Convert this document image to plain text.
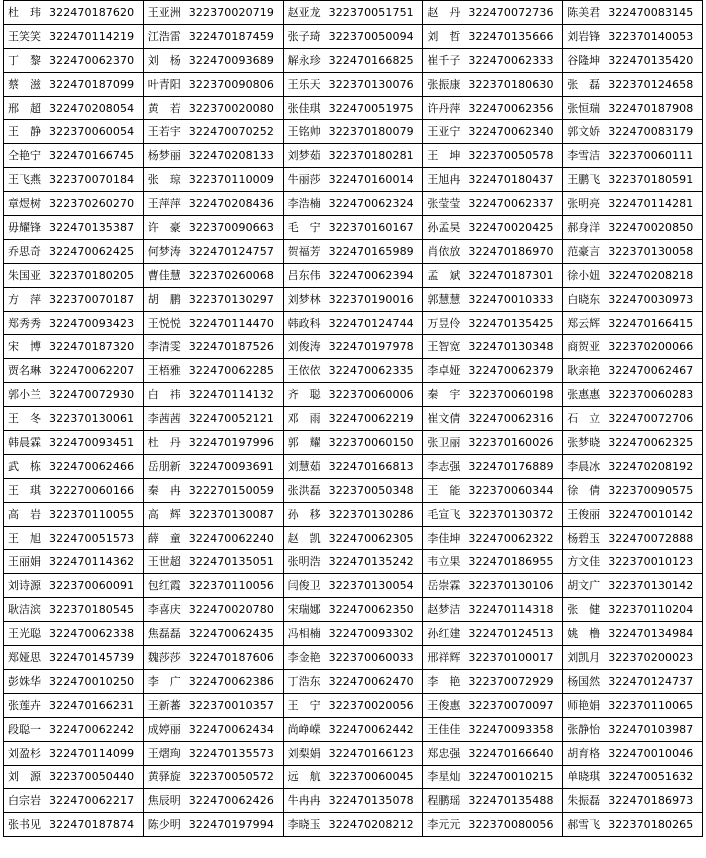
杜　玮 322470187620	王亚洲 322370020719	赵亚龙 322370051751	赵　丹 322470072736	陈美君 322470083145
王笑笑 322470114219	江浩雷 322470187459	张子琦 322370050094	刘　哲 322470135666	刘岩锋 322370140053
丁　黎 322470062370	刘　杨 322470093689	解永珍 322470166825	崔千子 322470062333	谷隆坤 322470135420
蔡　滋 322470187099	叶青阳 322370090806	王乐天 322370130076	张振康 322370180630	张　磊 322370124658
邢　超 322470208054	黄　若 322370020080	张佳琪 322470051975	许丹萍 322470062356	张恒瑞 322470187908
王　静 322370060054	王若宇 322470070252	王铭帅 322370180079	王亚宁 322470062340	郭文娇 322470083179
仝艳宁 322470166745	杨梦丽 322470208133	刘梦茹 322370180281	王　坤 322370050578	李雪洁 322370060111
王飞燕 322370070184	张　琼 322370110009	牛丽莎 322470160014	王旭冉 322470180437	王鹏飞 322370180591
章煜树 322370260270	王萍萍 322470208436	李浩楠 322470062324	张莹莹 322470062337	张明亮 322470114281
毋耀锋 322470135387	许　豪 322370090663	毛　宁 322370160167	孙孟昊 322470020425	郝身洋 322470020850
乔思奇 322470062425	何梦涛 322470124757	贺福芳 322470165989	肖依放 322470186970	范豪言 322370130058
朱国亚 322370180205	曹佳慧 322370260068	吕东伟 322470062394	孟　斌 322470187301	徐小妞 322470208218
方　萍 322370070187	胡　鹏 322370130297	刘梦林 322370190016	郭慧慧 322470010333	白晓东 322470030973
郑秀秀 322470093423	王悦悦 322470114470	韩政科 322470124744	万昱伶 322470135425	郑云辉 322470166415
宋　博 322470187320	李清雯 322470187526	刘俊涛 322470197978	王智宽 322470130348	商贺亚 322370200066
贾名琳 322470062207	王梧雅 322470062285	王依依 322470062335	李卓娅 322470062379	耿亲艳 322470062467
郭小兰 322470072930	白　祎 322470114132	齐　聪 322370060006	秦　宇 322370060198	张惠惠 322370060283
王　冬 322370130061	李茜茜 322470052121	邓　雨 322470062219	崔文倩 322470062316	石　立 322470072706
韩晨霖 322470093451	杜　丹 322470197996	郭　耀 322370060150	张卫丽 322370160026	张梦晓 322470062325
武　栋 322470062466	岳朋新 322470093691	刘慧茹 322470166813	李志强 322470176889	李晨冰 322470208192
王　琪 322270060166	秦　冉 322270150059	张洪磊 322370050348	王　能 322370060344	徐　倩 322370090575
高　岩 322370110055	高　辉 322370130087	孙　移 322370130286	毛宣飞 322370130372	王俊丽 322470010142
王　旭 322470051573	薛　童 322470062240	赵　凯 322470062305	李佳坤 322470062322	杨碧玉 322470072888
王丽娟 322470114362	王世超 322470135051	张明浩 322470135242	韦立果 322470186955	方文佳 322370010123
刘诗源 322370060091	包红霞 322370110056	闫俊卫 322370130054	岳崇霖 322370130106	胡文广 322370130142
耿洁滨 322370180545	李喜庆 322470020780	宋瑞娜 322470062350	赵梦洁 322470114318	张　健 322370110204
王光聪 322470062338	焦磊磊 322470062435	冯相楠 322470093302	孙红建 322470124513	姚　橹 322470134984
郑娅思 322470145739	魏莎莎 322470187606	李金艳 322370060033	邢祥辉 322370100017	刘凯月 322370200023
彭姝华 322470010250	李　广 322470062386	丁浩东 322470062470	李　艳 322370072929	杨国然 322470124737
张莲卉 322470166231	王新蕃 322370010357	王　宁 322370020056	王俊惠 322370070097	师艳娟 322370110065
段聪一 322470062242	成婷丽 322470062434	尚峥嵘 322470062442	王佳佳 322470093358	张静怡 322470103987
刘盈杉 322470114099	王熠珣 322470135573	刘梨娟 322470166123	郑忠强 322470166640	胡育格 322470010046
刘　源 322370050440	黄驿旋 322370050572	远　航 322370060045	李星灿 322470010215	单晓琪 322470051632
白宗岩 322470062217	焦辰明 322470062426	牛冉冉 322470135078	程鹏瑶 322470135488	朱振磊 322470186973
张书见 322470187874	陈少明 322470197994	李晓玉 322470208212	李元元 322370080056	郝雪飞 322370180265
